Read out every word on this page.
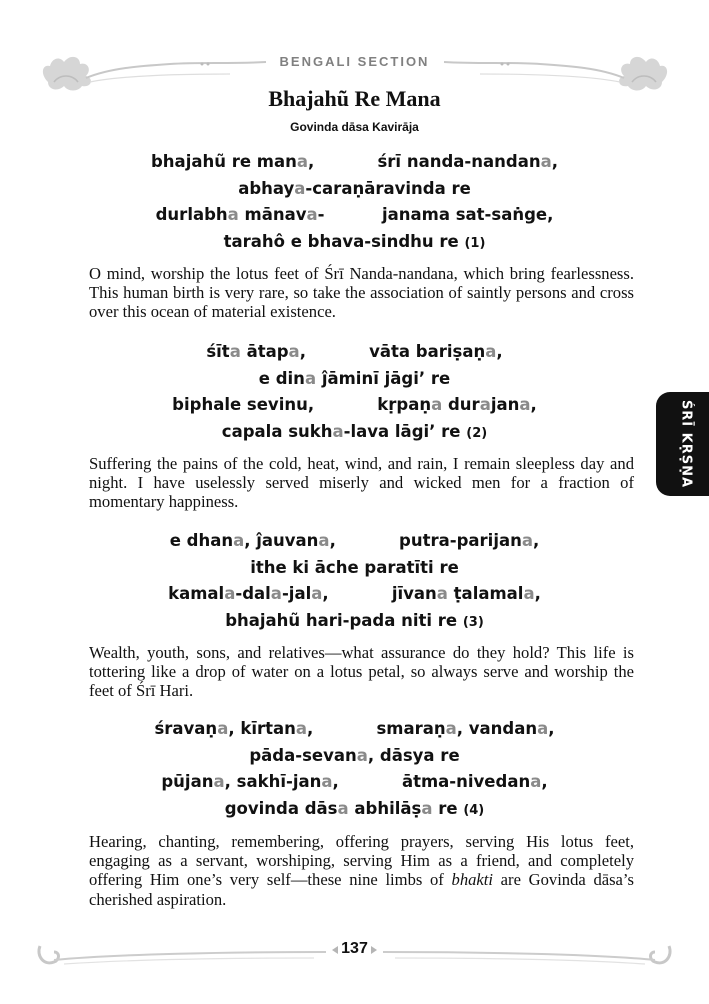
BENGALI SECTION
Bhajahũ Re Mana
Govinda dāsa Kavirāja
bhajahũ re mana,           śrī nanda-nandana,
abhaya-caraṇāravinda re
durlabha mānava-          janama sat-saṅge,
tarahô e bhava-sindhu re (1)
O mind, worship the lotus feet of Śrī Nanda-nandana, which bring fearlessness. This human birth is very rare, so take the association of saintly persons and cross over this ocean of material existence.
śīta ātapa,           vāta bariṣaṇa,
e dina ĵāminī jāgi’ re
biphale sevinu,           kṛpaṇa durajana,
capala sukha-lava lāgi’ re (2)
Suffering the pains of the cold, heat, wind, and rain, I remain sleepless day and night. I have uselessly served miserly and wicked men for a fraction of momentary happiness.
e dhana, ĵauvana,           putra-parijana,
ithe ki āche paratīti re
kamala-dala-jala,           jīvana ṭalamala,
bhajahũ hari-pada niti re (3)
Wealth, youth, sons, and relatives—what assurance do they hold? This life is tottering like a drop of water on a lotus petal, so always serve and worship the feet of Śrī Hari.
śravaṇa, kīrtana,           smaraṇa, vandana,
pāda-sevana, dāsya re
pūjana, sakhī-jana,           ātma-nivedana,
govinda dāsa abhilāṣa re (4)
Hearing, chanting, remembering, offering prayers, serving His lotus feet, engaging as a servant, worshiping, serving Him as a friend, and completely offering Him one’s very self—these nine limbs of bhakti are Govinda dāsa’s cherished aspiration.
ŚRĪ KṚṢṆA
137
